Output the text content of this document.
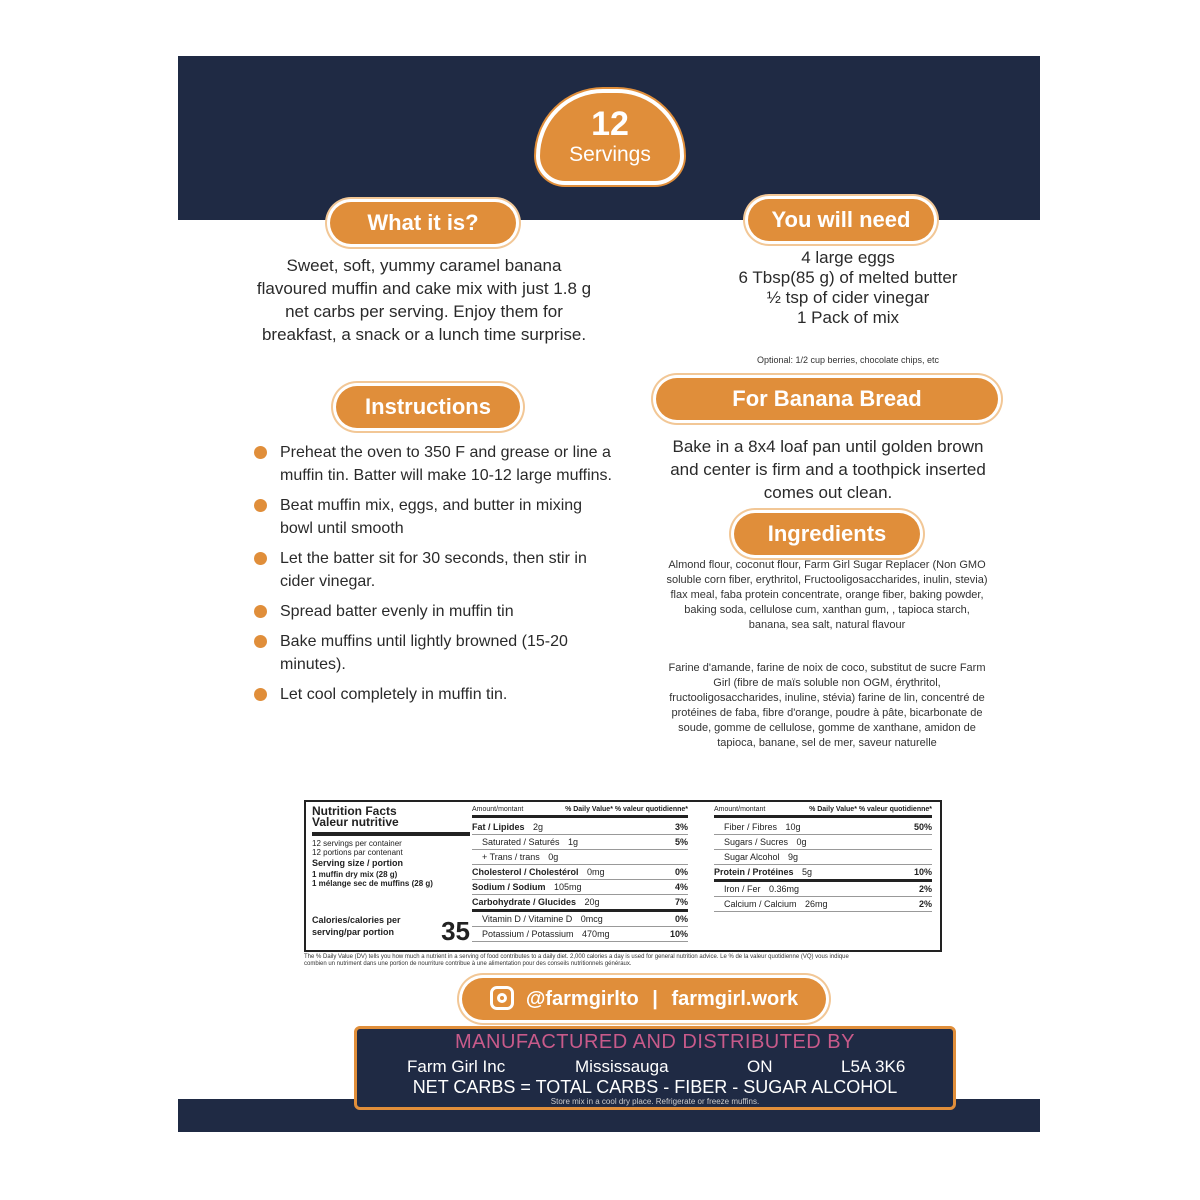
12
Servings
What it is?
Sweet, soft, yummy caramel banana flavoured muffin and cake mix with just 1.8 g net carbs per serving. Enjoy them for breakfast, a snack or a lunch time surprise.
You will need
4 large eggs
6 Tbsp(85 g) of melted butter
½ tsp of cider vinegar
1 Pack of mix
Optional: 1/2 cup berries, chocolate chips, etc
Instructions
Preheat the oven to 350 F and grease or line a muffin tin. Batter will make 10-12 large muffins.
Beat muffin mix, eggs, and butter in mixing bowl until smooth
Let the batter sit for 30 seconds, then stir in cider vinegar.
Spread batter evenly in muffin tin
Bake muffins until lightly browned (15-20 minutes).
Let cool completely in muffin tin.
For Banana Bread
Bake in a 8x4 loaf pan until golden brown and center is firm and a toothpick inserted comes out clean.
Ingredients
Almond flour, coconut flour, Farm Girl Sugar Replacer (Non GMO soluble corn fiber, erythritol, Fructooligosaccharides, inulin, stevia) flax meal, faba protein concentrate, orange fiber, baking powder, baking soda, cellulose cum, xanthan gum, , tapioca starch, banana, sea salt, natural flavour
Farine d'amande, farine de noix de coco, substitut de sucre Farm Girl (fibre de maïs soluble non OGM, érythritol, fructooligosaccharides, inuline, stévia) farine de lin, concentré de protéines de faba, fibre d'orange, poudre à pâte, bicarbonate de soude, gomme de cellulose, gomme de xanthane, amidon de tapioca, banane, sel de mer, saveur naturelle
Nutrition Facts
Valeur nutritive
12 servings per container
12 portions par contenant
Serving size / portion
1 muffin dry mix (28 g)
1 mélange sec de muffins (28 g)
Calories/calories per serving/par portion 35
Amount/montant	% Daily Value* % valeur quotidienne*
Fat / Lipides 2g	3%
Saturated / Saturés 1g	5%
+ Trans / trans 0g
Cholesterol / Cholestérol 0mg	0%
Sodium / Sodium 105mg	4%
Carbohydrate / Glucides 20g	7%
Vitamin D / Vitamine D 0mcg	0%
Potassium / Potassium 470mg	10%
Amount/montant	% Daily Value* % valeur quotidienne*
Fiber / Fibres 10g	50%
Sugars / Sucres 0g
Sugar Alcohol 9g
Protein / Protéines 5g	10%
Iron / Fer 0.36mg	2%
Calcium / Calcium 26mg	2%
The % Daily Value (DV) tells you how much a nutrient in a serving of food contributes to a daily diet. 2,000 calories a day is used for general nutrition advice. Le % de la valeur quotidienne (VQ) vous indique combien un nutriment dans une portion de nourriture contribue à une alimentation pour des conseils nutritionnels généraux.
@farmgirlto | farmgirl.work
MANUFACTURED AND DISTRIBUTED BY
Farm Girl Inc	Mississauga	ON	L5A 3K6
NET CARBS = TOTAL CARBS - FIBER - SUGAR ALCOHOL
Store mix in a cool dry place. Refrigerate or freeze muffins.
